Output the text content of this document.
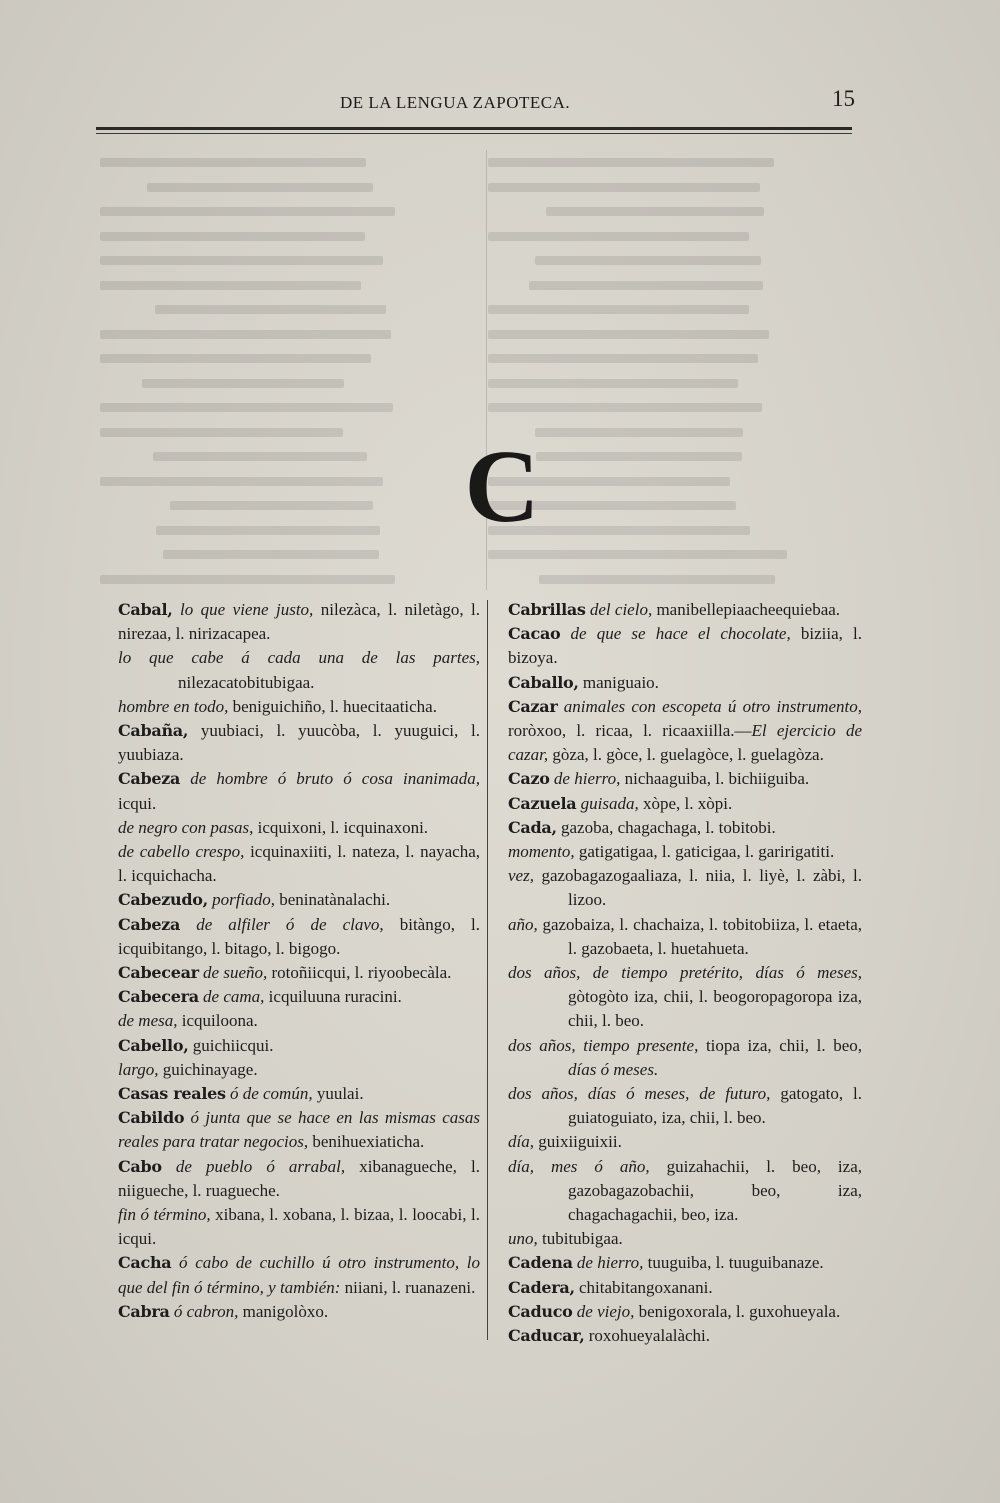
DE LA LENGUA ZAPOTECA.	15
C

Cabal, lo que viene justo, nilezàca, l. niletàgo, l. nirezaa, l. nirizacapea.

lo que cabe á cada una de las partes, nilezacatobitubigaa.

hombre en todo, beniguichiño, l. huecitaaticha.

Cabaña, yuubiaci, l. yuucòba, l. yuuguici, l. yuubiaza.

Cabeza de hombre ó bruto ó cosa inanimada, icqui.

de negro con pasas, icquixoni, l. icquinaxoni.

de cabello crespo, icquinaxiiti, l. nateza, l. nayacha, l. icquichacha.

Cabezudo, porfiado, beninatànalachi.

Cabeza de alfiler ó de clavo, bitàngo, l. icquibitango, l. bitago, l. bigogo.

Cabecear de sueño, rotoñiicqui, l. riyoobecàla.

Cabecera de cama, icquiluuna ruracini.

de mesa, icquiloona.

Cabello, guichiicqui.

largo, guichinayage.

Casas reales ó de común, yuulai.

Cabildo ó junta que se hace en las mismas casas reales para tratar negocios, benihuexiaticha.

Cabo de pueblo ó arrabal, xibanagueche, l. niigueche, l. ruagueche.

fin ó término, xibana, l. xobana, l. bizaa, l. loocabi, l. icqui.

Cacha ó cabo de cuchillo ú otro instrumento, lo que del fin ó término, y también: niiani, l. ruanazeni.

Cabra ó cabron, manigolòxo.

Cabrillas del cielo, manibellepiaacheequiebaa.

Cacao de que se hace el chocolate, biziia, l. bizoya.

Caballo, maniguaio.

Cazar animales con escopeta ú otro instrumento, roròxoo, l. ricaa, l. ricaaxiilla.—El ejercicio de cazar, gòza, l. gòce, l. guelagòce, l. guelagòza.

Cazo de hierro, nichaaguiba, l. bichiiguiba.

Cazuela guisada, xòpe, l. xòpi.

Cada, gazoba, chagachaga, l. tobitobi.

momento, gatigatigaa, l. gaticigaa, l. garirigatiti.

vez, gazobagazogaaliaza, l. niia, l. liyè, l. zàbi, l. lizoo.

año, gazobaiza, l. chachaiza, l. tobitobiiza, l. etaeta, l. gazobaeta, l. huetahueta.

dos años, de tiempo pretérito, días ó meses, gòtogòto iza, chii, l. beogoropagoropa iza, chii, l. beo.

dos años, tiempo presente, tiopa iza, chii, l. beo, días ó meses.

dos años, días ó meses, de futuro, gatogato, l. guiatoguiato, iza, chii, l. beo.

día, guixiiguixii.

día, mes ó año, guizahachii, l. beo, iza, gazobagazobachii, beo, iza, chagachagachii, beo, iza.

uno, tubitubigaa.

Cadena de hierro, tuuguiba, l. tuuguibanaze.

Cadera, chitabitangoxanani.

Caduco de viejo, benigoxorala, l. guxohueyala.

Caducar, roxohueyalalàchi.
